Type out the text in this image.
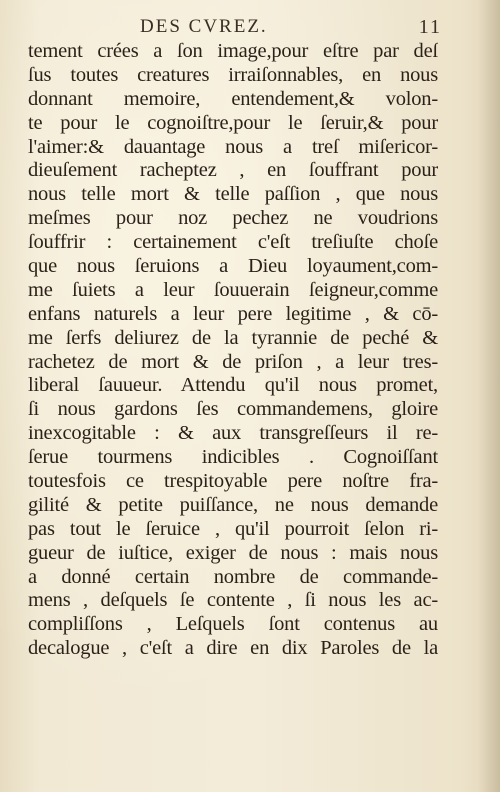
DES CVREZ.	11
tement crées a ſon image,pour eſtre par deſ
ſus toutes creatures irraiſonnables, en nous
donnant memoire, entendement,& volon-
te pour le cognoiſtre,pour le ſeruir,& pour
l'aimer:& dauantage nous a treſ miſericor-
dieuſement racheptez , en ſouffrant pour
nous telle mort & telle paſſion , que nous
meſmes pour noz pechez ne voudrions
ſouffrir : certainement c'eſt treſiuſte choſe
que nous ſeruions a Dieu loyaument,com-
me ſuiets a leur ſouuerain ſeigneur,comme
enfans naturels a leur pere legitime , & cō-
me ſerfs deliurez de la tyrannie de peché &
rachetez de mort & de priſon , a leur tres-
liberal ſauueur. Attendu qu'il nous promet,
ſi nous gardons ſes commandemens, gloire
inexcogitable : & aux transgreſſeurs il re-
ſerue tourmens indicibles . Cognoiſſant
toutesfois ce trespitoyable pere noſtre fra-
gilité & petite puiſſance, ne nous demande
pas tout le ſeruice , qu'il pourroit ſelon ri-
gueur de iuſtice, exiger de nous : mais nous
a donné certain nombre de commande-
mens , deſquels ſe contente , ſi nous les ac-
compliſſons , Leſquels ſont contenus au
decalogue , c'eſt a dire en dix Paroles de la
